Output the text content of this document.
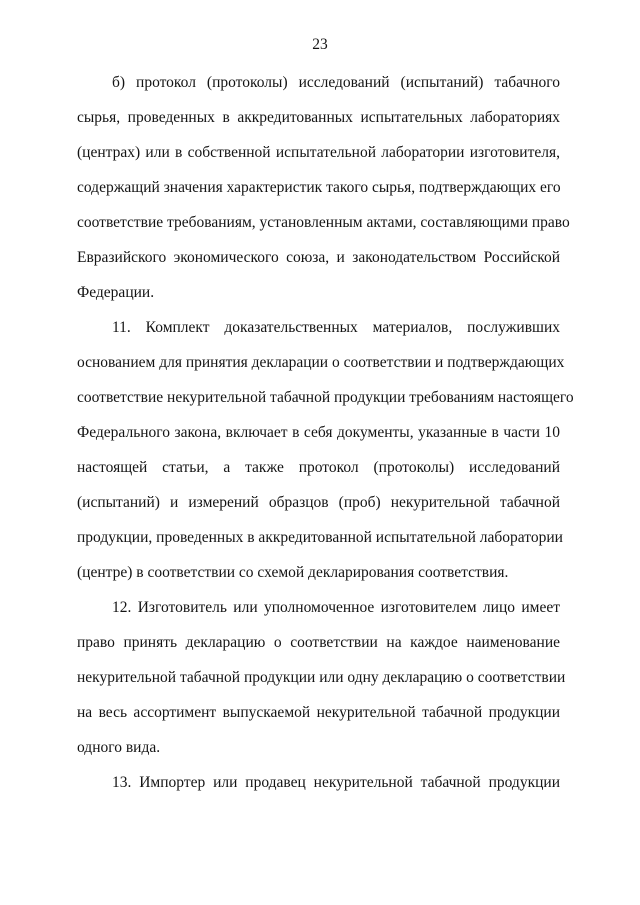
23
б) протокол (протоколы) исследований (испытаний) табачного
сырья, проведенных в аккредитованных испытательных лабораториях
(центрах) или в собственной испытательной лаборатории изготовителя,
содержащий значения характеристик такого сырья, подтверждающих его
соответствие требованиям, установленным актами, составляющими право
Евразийского экономического союза, и законодательством Российской
Федерации.
11. Комплект доказательственных материалов, послуживших
основанием для принятия декларации о соответствии и подтверждающих
соответствие некурительной табачной продукции требованиям настоящего
Федерального закона, включает в себя документы, указанные в части 10
настоящей статьи, а также протокол (протоколы) исследований
(испытаний) и измерений образцов (проб) некурительной табачной
продукции, проведенных в аккредитованной испытательной лаборатории
(центре) в соответствии со схемой декларирования соответствия.
12. Изготовитель или уполномоченное изготовителем лицо имеет
право принять декларацию о соответствии на каждое наименование
некурительной табачной продукции или одну декларацию о соответствии
на весь ассортимент выпускаемой некурительной табачной продукции
одного вида.
13. Импортер или продавец некурительной табачной продукции
